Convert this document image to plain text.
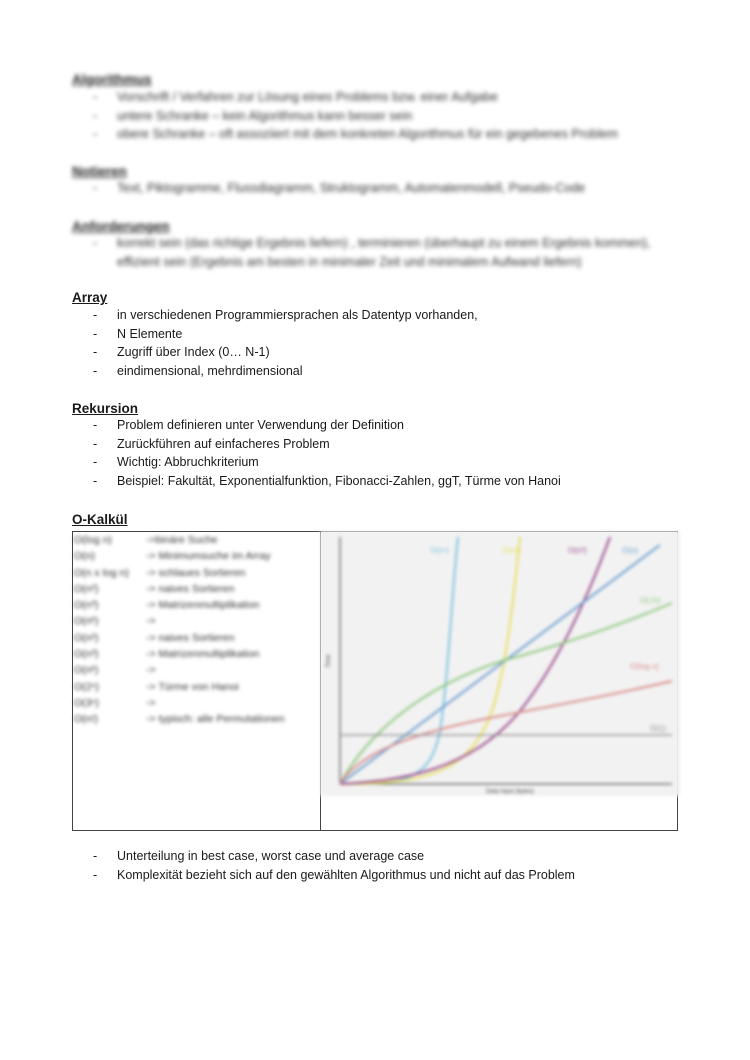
Algorithmus
- Vorschrift / Verfahren zur Lösung eines Problems bzw. einer Aufgabe
- untere Schranke – kein Algorithmus kann besser sein
- obere Schranke – oft assoziiert mit dem konkreten Algorithmus für ein gegebenes Problem
Notieren
- Text, Piktogramme, Flussdiagramm, Struktogramm, Automatenmodell, Pseudo-Code
Anforderungen
- korrekt sein (das richtige Ergebnis liefern) , terminieren (überhaupt zu einem Ergebnis kommen),
effizient sein (Ergebnis am besten in minimaler Zeit und minimalem Aufwand liefern)
Array
- in verschiedenen Programmiersprachen als Datentyp vorhanden,
- N Elemente
- Zugriff über Index (0… N-1)
- eindimensional, mehrdimensional
Rekursion
- Problem definieren unter Verwendung der Definition
- Zurückführen auf einfacheres Problem
- Wichtig: Abbruchkriterium
- Beispiel: Fakultät, Exponentialfunktion, Fibonacci-Zahlen, ggT, Türme von Hanoi
O-Kalkül
O(log n)	->binäre Suche
O(n)	-> Minimumsuche im Array
O(n x log n) -> schlaues Sortieren
O(n²)	-> naives Sortieren
O(n³)	-> Matrizenmultiplikation
O(nᵏ)	->
O(n²)	-> naives Sortieren
O(n³)	-> Matrizenmultiplikation
O(nᵏ)	->
O(2ⁿ)	-> Türme von Hanoi
O(3ⁿ)	->
O(n!)	-> typisch: alle Permutationen
Time
Data Input (bytes)
O(nⁿ)	O(n²)	O(n³)	O(n)
O(√n)
O(log n)
O(1)
- Unterteilung in best case, worst case und average case
- Komplexität bezieht sich auf den gewählten Algorithmus und nicht auf das Problem
